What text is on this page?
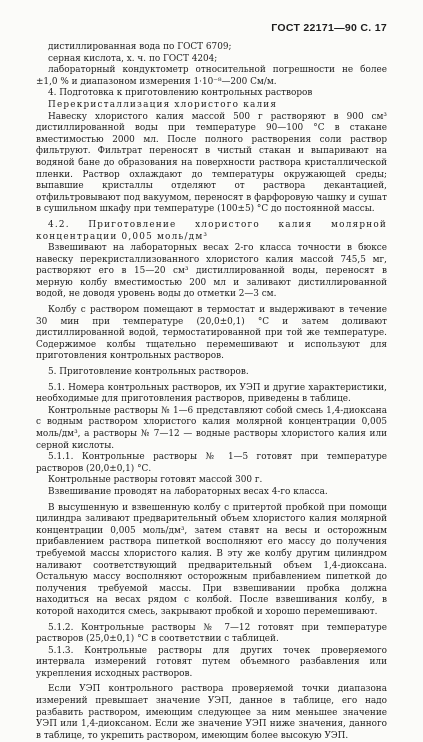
ГОСТ 22171—90 С. 17

дистиллированная вода по ГОСТ 6709;

серная кислота, х. ч. по ГОСТ 4204;

лабораторный кондуктометр относительной погрешности не более ±1,0 % и диапазоном измерения 1·10⁻⁸—200 См/м.

4. Подготовка к приготовлению контрольных растворов

Перекристаллизация хлористого калия

Навеску хлористого калия массой 500 г растворяют в 900 см³ дистиллированной воды при температуре 90—100 °С в стакане вместимостью 2000 мл. После полного растворения соли раствор фильтруют. Фильтрат переносят в чистый стакан и выпаривают на водяной бане до образования на поверхности раствора кристаллической пленки. Раствор охлаждают до температуры окружающей среды; выпавшие кристаллы отделяют от раствора декантацией, отфильтровывают под вакуумом, переносят в фарфоровую чашку и сушат в сушильном шкафу при температуре (100±5) °С до постоянной массы.

4.2. Приготовление хлористого калия молярной концентрации 0,005 моль/дм³

Взвешивают на лабораторных весах 2-го класса точности в бюксе навеску перекристаллизованного хлористого калия массой 745,5 мг, растворяют его в 15—20 см³ дистиллированной воды, переносят в мерную колбу вместимостью 200 мл и заливают дистиллированной водой, не доводя уровень воды до отметки 2—3 см.

Колбу с раствором помещают в термостат и выдерживают в течение 30 мин при температуре (20,0±0,1) °С и затем доливают дистиллированной водой, термостатированной при той же температуре. Содержимое колбы тщательно перемешивают и используют для приготовления контрольных растворов.

5. Приготовление контрольных растворов.

5.1. Номера контрольных растворов, их УЭП и другие характеристики, необходимые для приготовления растворов, приведены в таблице.

Контрольные растворы № 1—6 представляют собой смесь 1,4-диоксана с водным раствором хлористого калия молярной концентрации 0,005 моль/дм³, а растворы № 7—12 — водные растворы хлористого калия или серной кислоты.

5.1.1. Контрольные растворы № 1—5 готовят при температуре растворов (20,0±0,1) °С.

Контрольные растворы готовят массой 300 г.

Взвешивание проводят на лабораторных весах 4-го класса.

В высушенную и взвешенную колбу с притертой пробкой при помощи цилиндра заливают предварительный объем хлористого калия молярной концентрации 0,005 моль/дм³, затем ставят на весы и осторожным прибавлением раствора пипеткой восполняют его массу до получения требуемой массы хлористого калия. В эту же колбу другим цилиндром наливают соответствующий предварительный объем 1,4-диоксана. Остальную массу восполняют осторожным прибавлением пипеткой до получения требуемой массы. При взвешивании пробка должна находиться на весах рядом с колбой. После взвешивания колбу, в которой находится смесь, закрывают пробкой и хорошо перемешивают.

5.1.2. Контрольные растворы № 7—12 готовят при температуре растворов (25,0±0,1) °С в соответствии с таблицей.

5.1.3. Контрольные растворы для других точек проверяемого интервала измерений готовят путем объемного разбавления или укрепления исходных растворов.

Если УЭП контрольного раствора проверяемой точки диапазона измерений превышает значение УЭП, данное в таблице, его надо разбавить раствором, имеющим следующее за ним меньшее значение УЭП или 1,4-диоксаном. Если же значение УЭП ниже значения, данного в таблице, то укрепить раствором, имеющим более высокую УЭП.
